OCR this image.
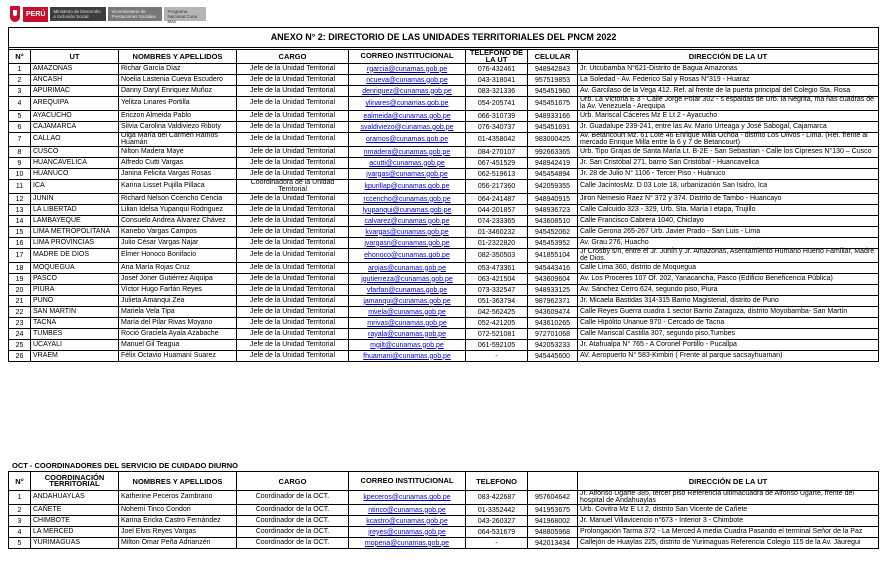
PERÚ	Ministerio de Desarrollo e Inclusión Social
Viceministerio de Prestaciones Sociales
Programa Nacional Cuna Más
ANEXO N° 2: DIRECTORIO DE LAS UNIDADES TERRITORIALES DEL PNCM 2022							

N°	UT	NOMBRES Y APELLIDOS	CARGO	CORREO INSTITUCIONAL	TELEFONO DE LA UT	CELULAR	DIRECCIÓN DE LA UT
1	AMAZONAS	Richar García Díaz	Jefe de la Unidad Territorial	rgarcia@cunamas.gob.pe	076-432461	948942843	Jr. Utcubamba N°621-Distrito de Bagua Amazonas
2	ANCASH	Noelia Lastenia Cueva Escudero	Jefe de la Unidad Territorial	ncueva@cunamas.gob.pe	043-318041	957519853	La Soledad - Av. Federico Sal y Rosas N°319 - Huaraz
3	APURIMAC	Danny Daryl Enriquez Muñoz	Jefe de la Unidad Territorial	denriquez@cunamas.gob.pe	083-321336	945451960	Av. Garcilaso de la Vega 412. Ref. al frente de la puerta principal del Colegio Sta. Rosa
4	AREQUIPA	Yelitza Linares Portilla	Jefe de la Unidad Territorial	ylinares@cunamas.gob.pe	054-205741	945451675	Urb. La Victoria E 3 - Calle Jorge Polar 302 - s espaldas de Urb. la Negrita, ma ñas cuadras de la Av. Venezuela - Arequipa
5	AYACUCHO	Ericzon Almeida Pablo	Jefe de la Unidad Territorial	ealmeida@cunamas.gob.pe	066-310739	948933166	Urb. Mariscal Cáceres Mz E Lt 2 - Ayacucho
6	CAJAMARCA	Silvia Carolina Valdiviezo Riboty	Jefe de la Unidad Territorial	svaldiviezo@cunamas.gob.pe	076-340737	945451691	Jr. Guadalupe 239-241, entre las Av. Mario Urteaga y José Sabogal, Cajamarca
7	CALLAO	Olga María del Carmen Ramos Huamán	Jefe de la Unidad Territorial	oramos@cunamas.gob.pe	01-4358042	983000425	Av. Betancourt Mz. 61 Lote 46 Enrique Milla Ochoa - distrito Los Olivos - Lima. (Ref. frente al mercado Enrique Milla entre la 6 y 7 de Betancourt)
8	CUSCO	Nilton Madera Maye	Jefe de la Unidad Territorial	nmadera@cunamas.gob.pe	084-270107	992663365	Urb. Tipo Grajas de Santa María Lt. B-2E - San Sebastian - Calle los Cipreses N°130 – Cusco
9	HUANCAVELICA	Alfredo Cutti Vargas	Jefe de la Unidad Territorial	acutti@cunamas.gob.pe	067-451529	948942419	Jr. San Cristóbal 271, barrio San Cristóbal - Huancavelica
10	HUÁNUCO	Janina Felicita Vargas Rosas	Jefe de la Unidad Territorial	jvargas@cunamas.gob.pe	062-519613	945454894	Jr. 28 de Julio N° 1106 - Tercer Piso - Huánuco
11	ICA	Karina Lisset Pujilla Pillaca	Coordinadora de la Unidad Territorial	kpurillap@cunamas.gob.pe	056-217360	942059355	Calle JacintosMz. D 03 Lote 18, urbanización San Isidro, Ica
12	JUNIN	Richard Nelson Ccencho Cencia	Jefe de la Unidad Territorial	rccencho@cunamas.gob.pe	064-241487	948940915	Jiron Nemesio Raez N° 372 y 374. Distrito de Tambo - Huancayo
13	LA LIBERTAD	Lilian Idelsa Yupanqui Rodriguez	Jefe de la Unidad Territorial	lyupanqui@cunamas.gob.pe	044-201857	948936723	Calle Calcuido 323 - 329, Urb. Sta. María I etapa, Trujillo
14	LAMBAYEQUE	Consuelo Andrea Álvarez Chávez	Jefe de la Unidad Territorial	calvarez@cunamas.gob.pe	074-233365	943608510	Calle Francisco Cabrera 1040, Chiclayo
15	LIMA METROPOLITANA	Kanebo Vargas Campos	Jefe de la Unidad Territorial	kvargas@cunamas.gob.pe	01-3460232	945452062	Calle Gerona 265-267 Urb. Javier Prado - San Luis - Lima
16	LIMA PROVINCIAS	Julio César Vargas Najar	Jefe de la Unidad Territorial	jvargasn@cunamas.gob.pe	01-2322820	945453952	Av. Grau 276, Huacho
17	MADRE DE DIOS	Elmer Honoco Bonifacio	Jefe de la Unidad Territorial	ehonoco@cunamas.gob.pe	082-350503	941855104	Jr Crosby s/n, entre el Jr. Junín y Jr. Amazonas, Asentamiento Humano Huerto Familiar, Madre de Dios.
18	MOQUEGUA	Ana María Rojas Cruz	Jefe de la Unidad Territorial	arojas@cunamas.gob.pe	053-473361	945443416	Calle Lima 360, distrito de Moquegua
19	PASCO	Josef Joner Gutiérrez Aiquipa	Jefe de la Unidad Territorial	jgutierreza@cunamas.gob.pe	063-421504	943609604	Av. Los Proceres 107 Of. 202, Yanacancha, Pasco (Edificio Beneficencia Pública)
20	PIURA	Víctor Hugo Farfán Reyes	Jefe de la Unidad Territorial	vfarfan@cunamas.gob.pe	073-332547	948933125	Av. Sánchez Cerro 624, segundo piso, Piura
21	PUNO	Julieta Amanqui Zea	Jefe de la Unidad Territorial	jamanqui@cunamas.gob.pe	051-363794	987962371	Jr. Micaela Bastidas 314-315 Barrio Magisterial, distrito de Puno
22	SAN MARTIN	Mariela Vela Tipa	Jefe de la Unidad Territorial	mvela@cunamas.gob.pe	042-562425	943609474	Calle Reyes Guerra cuadra 1 sector Barrio Zaragoza, distrito Moyobamba- San Martín
23	TACNA	María del Pilar Rivas Moyano	Jefe de la Unidad Territorial	mrivas@cunamas.gob.pe	052-421205	943610265	Calle Hipólito Unanue 970 - Cercado de Tacna
24	TUMBES	Roció Graciela Ayala Azabache	Jefe de la Unidad Territorial	rayala@cunamas.gob.pe	072-521081	972701068	Calle Mariscal Castilla 307, segundo piso,Tumbes
25	UCAYALI	Manuel Gil Teagua	Jefe de la Unidad Territorial	mgilt@cunamas.gob.pe	061-592105	942053233	Jr. Atahualpa N° 765 - A Coronel Portillo - Pucallpa
26	VRAEM	Félix Octavio Huamaní Suarez	Jefe de la Unidad Territorial	fhuamani@cunamas.gob.pe	-	945445600	AV. Aeropuerto N° 583-Kimbiri ( Frente al parque sacsayhuaman)
OCT - COORDINADORES DEL SERVICIO DE CUIDADO DIURNO
N°	COORDINACIÓN TERRITORIAL	NOMBRES Y APELLIDOS	CARGO	CORREO INSTITUCIONAL	TELEFONO		DIRECCIÓN DE LA UT
1	ANDAHUAYLAS	Katherine Peceros Zambrano	Coordinador de la OCT.	kpeceros@cunamas.gob.pe	083-422687	957604642	Jr. Alfonso Ugarte 385, tercer piso Referencia ultimacuadra de Alfonso Ugarte, frente del hospital de Andahuaylas
2	CAÑETE	Nohemí Tinco Condori	Coordinador de la OCT.	ntinco@cunamas.gob.pe	01-3352442	941953675	Urb. Covitra Mz E Lt 2, distrito San Vicente de Cañete
3	CHIMBOTE	Karina Ericka Castro Fernández	Coordinador de la OCT.	kcastro@cunamas.gob.pe	043-260327	941968002	Jr. Manuel Villavicencio n°673 - Interior 3 - Chimbote
4	LA MERCED	Joel Elvis Reyes Vargas	Coordinador de la OCT.	jreyes@cunamas.gob.pe	064-531679	948805968	Prolongación Tarma 372 - La Merced A media Cuadra Pasando el terminal Señor de la Paz
5	YURIMAGUAS	Milton Omar Peña Adrianzén	Coordinador de la OCT.	mopena@cunamas.gob.pe	-	942013434	Callejón de Huaylas 225, distrito de Yurimaguas Referencia Colegio 115 de la Av. Jáuregui
